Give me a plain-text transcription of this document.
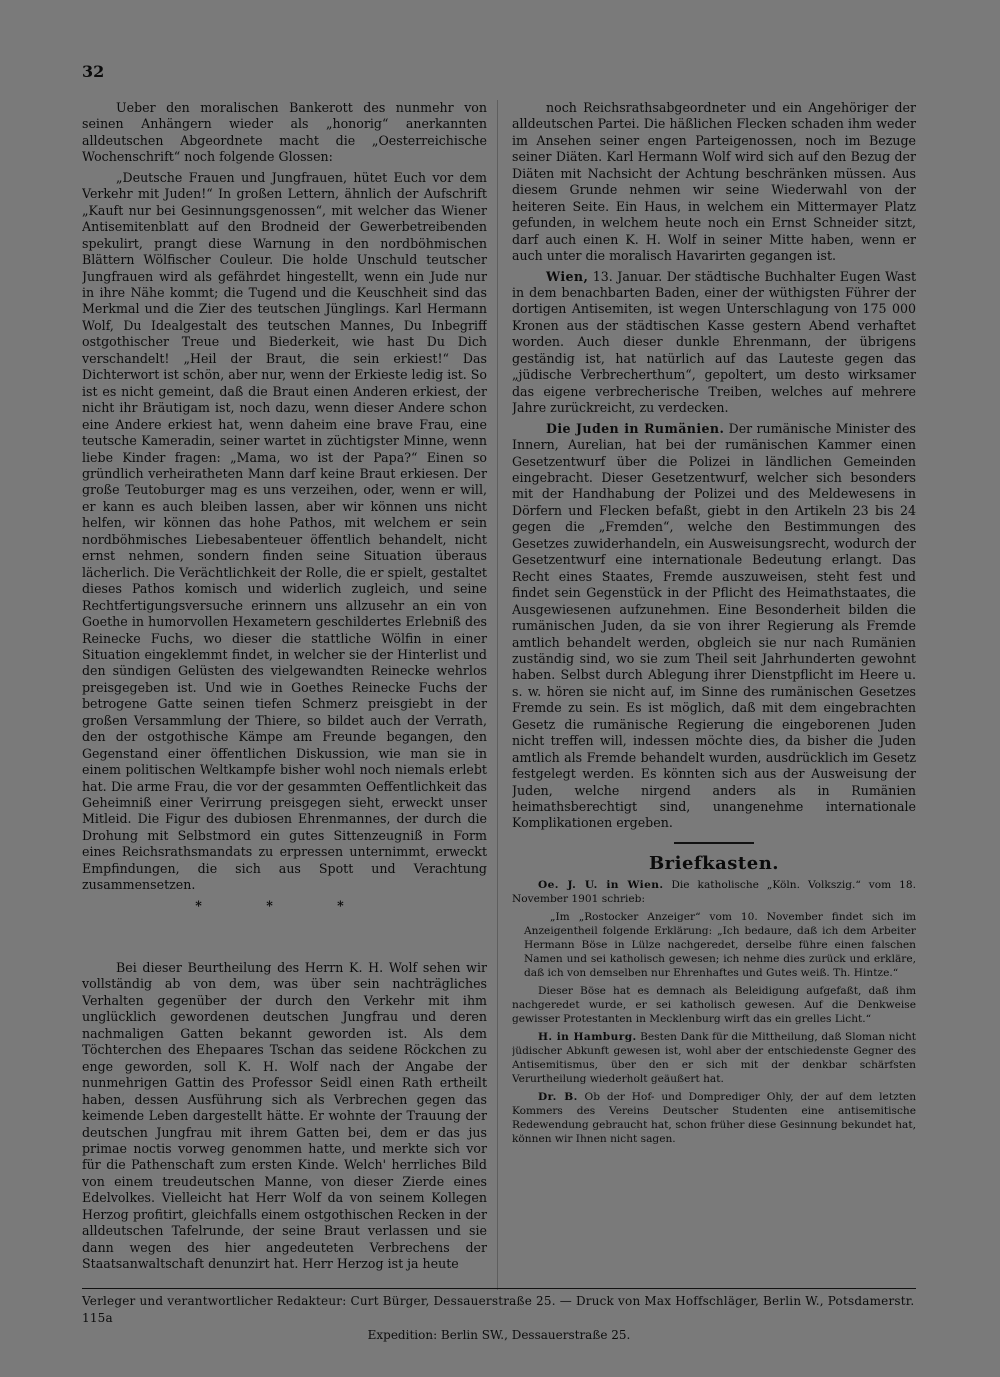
32

Ueber den moralischen Bankerott des nunmehr von seinen Anhängern wieder als „honorig“ anerkannten alldeutschen Abgeordnete macht die „Oesterreichische Wochenschrift“ noch folgende Glossen:

„Deutsche Frauen und Jungfrauen, hütet Euch vor dem Verkehr mit Juden!“ In großen Lettern, ähnlich der Aufschrift „Kauft nur bei Gesinnungsgenossen“, mit welcher das Wiener Antisemitenblatt auf den Brodneid der Gewerbetreibenden spekulirt, prangt diese Warnung in den nordböhmischen Blättern Wölfischer Couleur. Die holde Unschuld teutscher Jungfrauen wird als gefährdet hingestellt, wenn ein Jude nur in ihre Nähe kommt; die Tugend und die Keuschheit sind das Merkmal und die Zier des teutschen Jünglings. Karl Hermann Wolf, Du Idealgestalt des teutschen Mannes, Du Inbegriff ostgothischer Treue und Biederkeit, wie hast Du Dich verschandelt! „Heil der Braut, die sein erkiest!“ Das Dichterwort ist schön, aber nur, wenn der Erkieste ledig ist. So ist es nicht gemeint, daß die Braut einen Anderen erkiest, der nicht ihr Bräutigam ist, noch dazu, wenn dieser Andere schon eine Andere erkiest hat, wenn daheim eine brave Frau, eine teutsche Kameradin, seiner wartet in züchtigster Minne, wenn liebe Kinder fragen: „Mama, wo ist der Papa?“ Einen so gründlich verheiratheten Mann darf keine Braut erkiesen. Der große Teutoburger mag es uns verzeihen, oder, wenn er will, er kann es auch bleiben lassen, aber wir können uns nicht helfen, wir können das hohe Pathos, mit welchem er sein nordböhmisches Liebesabenteuer öffentlich behandelt, nicht ernst nehmen, sondern finden seine Situation überaus lächerlich. Die Verächtlichkeit der Rolle, die er spielt, gestaltet dieses Pathos komisch und widerlich zugleich, und seine Rechtfertigungsversuche erinnern uns allzusehr an ein von Goethe in humorvollen Hexametern geschildertes Erlebniß des Reinecke Fuchs, wo dieser die stattliche Wölfin in einer Situation eingeklemmt findet, in welcher sie der Hinterlist und den sündigen Gelüsten des vielgewandten Reinecke wehrlos preisgegeben ist. Und wie in Goethes Reinecke Fuchs der betrogene Gatte seinen tiefen Schmerz preisgiebt in der großen Versammlung der Thiere, so bildet auch der Verrath, den der ostgothische Kämpe am Freunde begangen, den Gegenstand einer öffentlichen Diskussion, wie man sie in einem politischen Weltkampfe bisher wohl noch niemals erlebt hat. Die arme Frau, die vor der gesammten Oeffentlichkeit das Geheimniß einer Verirrung preisgegen sieht, erweckt unser Mitleid. Die Figur des dubiosen Ehrenmannes, der durch die Drohung mit Selbstmord ein gutes Sittenzeugniß in Form eines Reichsrathsmandats zu erpressen unternimmt, erweckt Empfindungen, die sich aus Spott und Verachtung zusammensetzen.

* * *

Bei dieser Beurtheilung des Herrn K. H. Wolf sehen wir vollständig ab von dem, was über sein nachträgliches Verhalten gegenüber der durch den Verkehr mit ihm unglücklich gewordenen deutschen Jungfrau und deren nachmaligen Gatten bekannt geworden ist. Als dem Töchterchen des Ehepaares Tschan das seidene Röckchen zu enge geworden, soll K. H. Wolf nach der Angabe der nunmehrigen Gattin des Professor Seidl einen Rath ertheilt haben, dessen Ausführung sich als Verbrechen gegen das keimende Leben dargestellt hätte. Er wohnte der Trauung der deutschen Jungfrau mit ihrem Gatten bei, dem er das jus primae noctis vorweg genommen hatte, und merkte sich vor für die Pathenschaft zum ersten Kinde. Welch' herrliches Bild von einem treudeutschen Manne, von dieser Zierde eines Edelvolkes. Vielleicht hat Herr Wolf da von seinem Kollegen Herzog profitirt, gleichfalls einem ostgothischen Recken in der alldeutschen Tafelrunde, der seine Braut verlassen und sie dann wegen des hier angedeuteten Verbrechens der Staatsanwaltschaft denunzirt hat. Herr Herzog ist ja heute

noch Reichsrathsabgeordneter und ein Angehöriger der alldeutschen Partei. Die häßlichen Flecken schaden ihm weder im Ansehen seiner engen Parteigenossen, noch im Bezuge seiner Diäten. Karl Hermann Wolf wird sich auf den Bezug der Diäten mit Nachsicht der Achtung beschränken müssen. Aus diesem Grunde nehmen wir seine Wiederwahl von der heiteren Seite. Ein Haus, in welchem ein Mittermayer Platz gefunden, in welchem heute noch ein Ernst Schneider sitzt, darf auch einen K. H. Wolf in seiner Mitte haben, wenn er auch unter die moralisch Havarirten gegangen ist.

Wien, 13. Januar. Der städtische Buchhalter Eugen Wast in dem benachbarten Baden, einer der wüthigsten Führer der dortigen Antisemiten, ist wegen Unterschlagung von 175 000 Kronen aus der städtischen Kasse gestern Abend verhaftet worden. Auch dieser dunkle Ehrenmann, der übrigens geständig ist, hat natürlich auf das Lauteste gegen das „jüdische Verbrecherthum“, gepoltert, um desto wirksamer das eigene verbrecherische Treiben, welches auf mehrere Jahre zurückreicht, zu verdecken.

Die Juden in Rumänien. Der rumänische Minister des Innern, Aurelian, hat bei der rumänischen Kammer einen Gesetzentwurf über die Polizei in ländlichen Gemeinden eingebracht. Dieser Gesetzentwurf, welcher sich besonders mit der Handhabung der Polizei und des Meldewesens in Dörfern und Flecken befaßt, giebt in den Artikeln 23 bis 24 gegen die „Fremden“, welche den Bestimmungen des Gesetzes zuwiderhandeln, ein Ausweisungsrecht, wodurch der Gesetzentwurf eine internationale Bedeutung erlangt. Das Recht eines Staates, Fremde auszuweisen, steht fest und findet sein Gegenstück in der Pflicht des Heimathstaates, die Ausgewiesenen aufzunehmen. Eine Besonderheit bilden die rumänischen Juden, da sie von ihrer Regierung als Fremde amtlich behandelt werden, obgleich sie nur nach Rumänien zuständig sind, wo sie zum Theil seit Jahrhunderten gewohnt haben. Selbst durch Ablegung ihrer Dienstpflicht im Heere u. s. w. hören sie nicht auf, im Sinne des rumänischen Gesetzes Fremde zu sein. Es ist möglich, daß mit dem eingebrachten Gesetz die rumänische Regierung die eingeborenen Juden nicht treffen will, indessen möchte dies, da bisher die Juden amtlich als Fremde behandelt wurden, ausdrücklich im Gesetz festgelegt werden. Es könnten sich aus der Ausweisung der Juden, welche nirgend anders als in Rumänien heimathsberechtigt sind, unangenehme internationale Komplikationen ergeben.

Briefkasten.

Oe. J. U. in Wien. Die katholische „Köln. Volkszig.“ vom 18. November 1901 schrieb:

„Im „Rostocker Anzeiger“ vom 10. November findet sich im Anzeigentheil folgende Erklärung: „Ich bedaure, daß ich dem Arbeiter Hermann Böse in Lülze nachgeredet, derselbe führe einen falschen Namen und sei katholisch gewesen; ich nehme dies zurück und erkläre, daß ich von demselben nur Ehrenhaftes und Gutes weiß. Th. Hintze.“

Dieser Böse hat es demnach als Beleidigung aufgefaßt, daß ihm nachgeredet wurde, er sei katholisch gewesen. Auf die Denkweise gewisser Protestanten in Mecklenburg wirft das ein grelles Licht.“

H. in Hamburg. Besten Dank für die Mittheilung, daß Sloman nicht jüdischer Abkunft gewesen ist, wohl aber der entschiedenste Gegner des Antisemitismus, über den er sich mit der denkbar schärfsten Verurtheilung wiederholt geäußert hat.

Dr. B. Ob der Hof- und Domprediger Ohly, der auf dem letzten Kommers des Vereins Deutscher Studenten eine antisemitische Redewendung gebraucht hat, schon früher diese Gesinnung bekundet hat, können wir Ihnen nicht sagen.

Verleger und verantwortlicher Redakteur: Curt Bürger, Dessauerstraße 25. — Druck von Max Hoffschläger, Berlin W., Potsdamerstr. 115a
Expedition: Berlin SW., Dessauerstraße 25.
